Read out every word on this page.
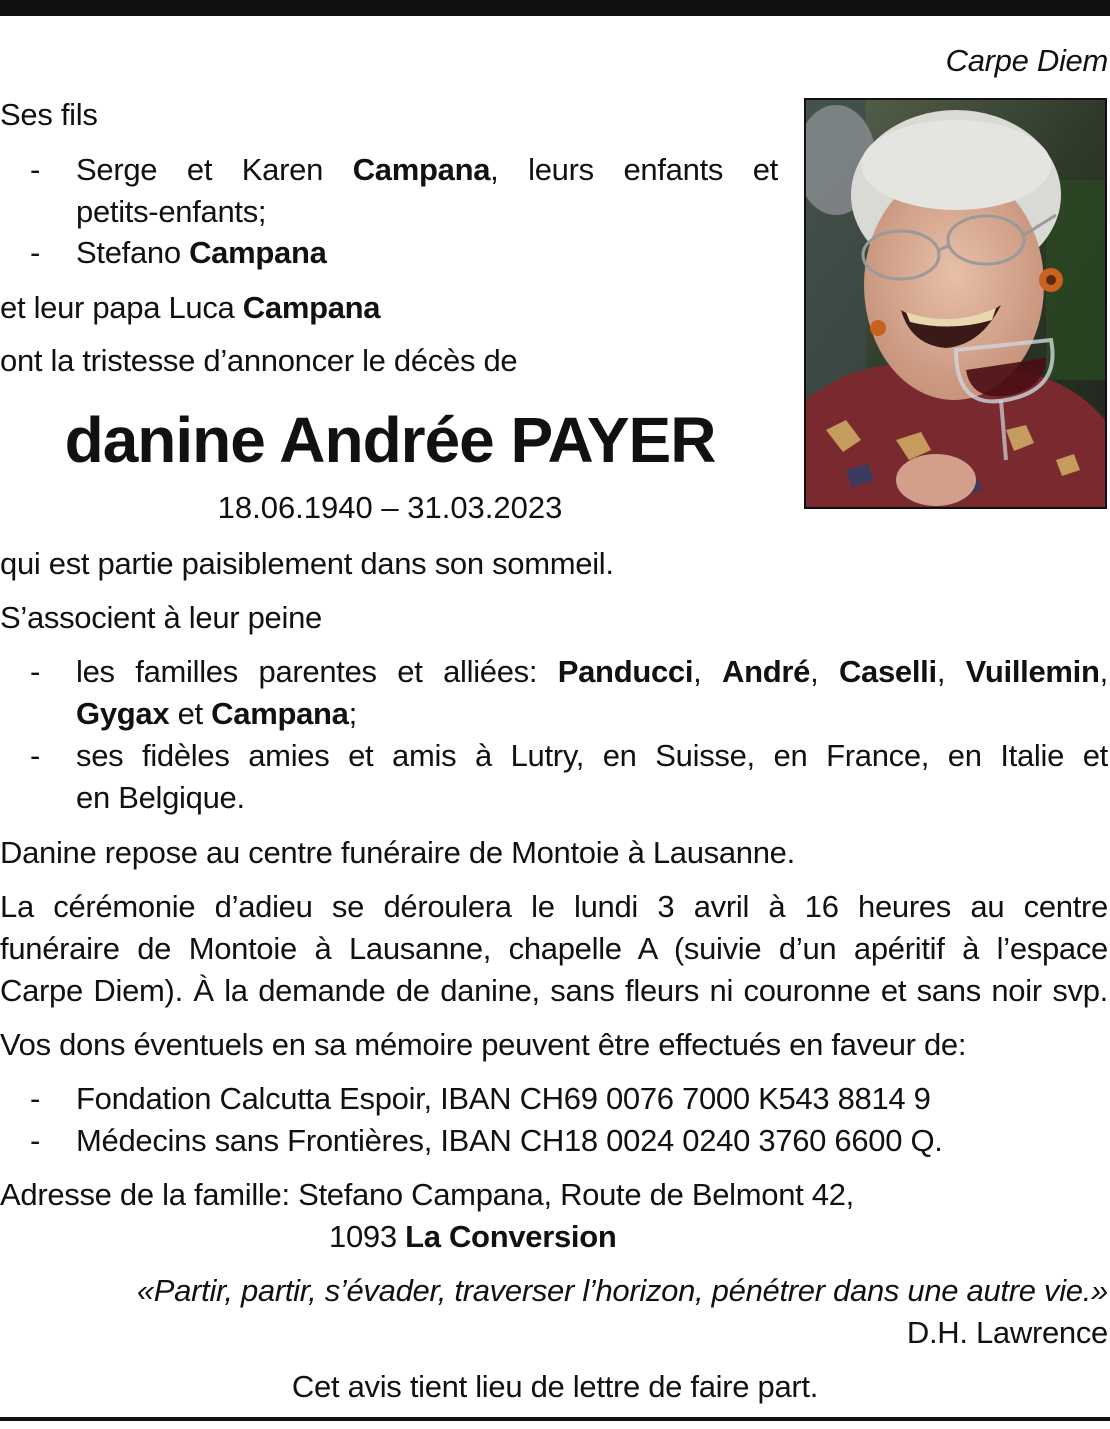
Carpe Diem
Ses fils
- Serge et Karen Campana, leurs enfants et
petits-enfants;
- Stefano Campana
et leur papa Luca Campana
ont la tristesse d’annoncer le décès de
danine Andrée PAYER
18.06.1940 – 31.03.2023
qui est partie paisiblement dans son sommeil.
S’associent à leur peine
- les familles parentes et alliées: Panducci, André, Caselli, Vuillemin,
Gygax et Campana;
- ses fidèles amies et amis à Lutry, en Suisse, en France, en Italie et
en Belgique.
Danine repose au centre funéraire de Montoie à Lausanne.
La cérémonie d’adieu se déroulera le lundi 3 avril à 16 heures au centre
funéraire de Montoie à Lausanne, chapelle A (suivie d’un apéritif à l’espace
Carpe Diem). À la demande de danine, sans fleurs ni couronne et sans noir svp.
Vos dons éventuels en sa mémoire peuvent être effectués en faveur de:
- Fondation Calcutta Espoir, IBAN CH69 0076 7000 K543 8814 9
- Médecins sans Frontières, IBAN CH18 0024 0240 3760 6600 Q.
Adresse de la famille: Stefano Campana, Route de Belmont 42,
1093 La Conversion
«Partir, partir, s’évader, traverser l’horizon, pénétrer dans une autre vie.»
D.H. Lawrence
Cet avis tient lieu de lettre de faire part.
